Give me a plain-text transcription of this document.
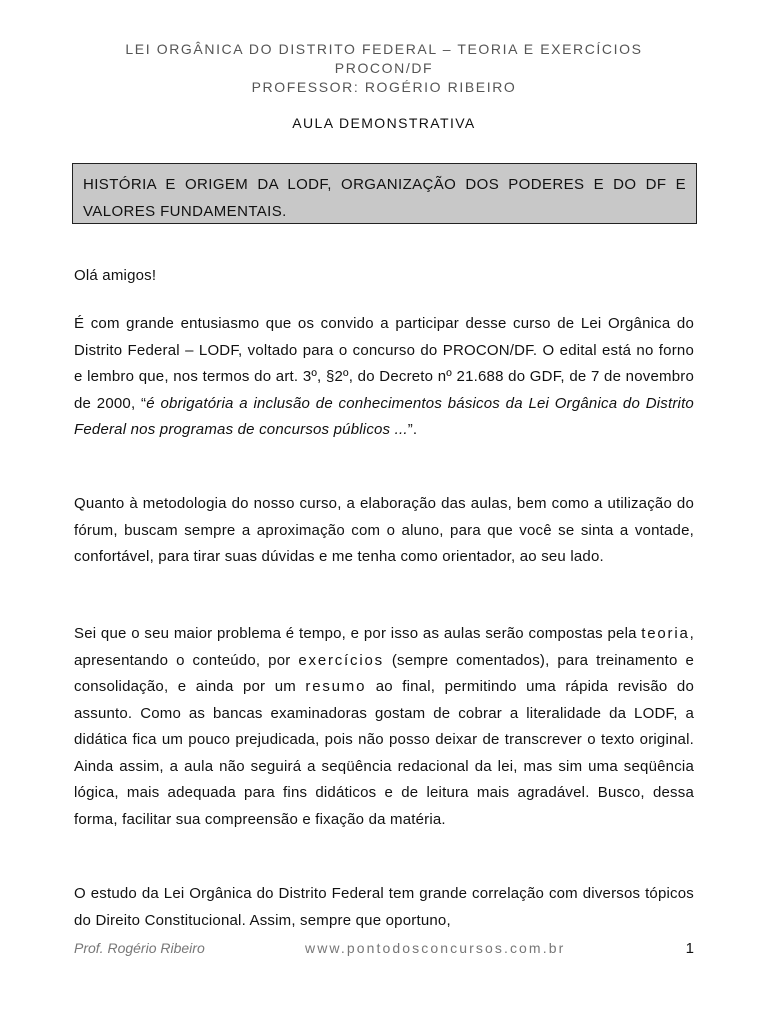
LEI ORGÂNICA DO DISTRITO FEDERAL – TEORIA E EXERCÍCIOS
PROCON/DF
PROFESSOR: ROGÉRIO RIBEIRO
AULA DEMONSTRATIVA
HISTÓRIA E ORIGEM DA LODF, ORGANIZAÇÃO DOS PODERES E DO DF E VALORES FUNDAMENTAIS.
Olá amigos!
É com grande entusiasmo que os convido a participar desse curso de Lei Orgânica do Distrito Federal – LODF, voltado para o concurso do PROCON/DF. O edital está no forno e lembro que, nos termos do art. 3º, §2º, do Decreto nº 21.688 do GDF, de 7 de novembro de 2000, “é obrigatória a inclusão de conhecimentos básicos da Lei Orgânica do Distrito Federal nos programas de concursos públicos ...”.
Quanto à metodologia do nosso curso, a elaboração das aulas, bem como a utilização do fórum, buscam sempre a aproximação com o aluno, para que você se sinta a vontade, confortável, para tirar suas dúvidas e me tenha como orientador, ao seu lado.
Sei que o seu maior problema é tempo, e por isso as aulas serão compostas pela teoria, apresentando o conteúdo, por exercícios (sempre comentados), para treinamento e consolidação, e ainda por um resumo ao final, permitindo uma rápida revisão do assunto. Como as bancas examinadoras gostam de cobrar a literalidade da LODF, a didática fica um pouco prejudicada, pois não posso deixar de transcrever o texto original. Ainda assim, a aula não seguirá a seqüência redacional da lei, mas sim uma seqüência lógica, mais adequada para fins didáticos e de leitura mais agradável. Busco, dessa forma, facilitar sua compreensão e fixação da matéria.
O estudo da Lei Orgânica do Distrito Federal tem grande correlação com diversos tópicos do Direito Constitucional. Assim, sempre que oportuno,
Prof. Rogério Ribeiro	www.pontodosconcursos.com.br	1
